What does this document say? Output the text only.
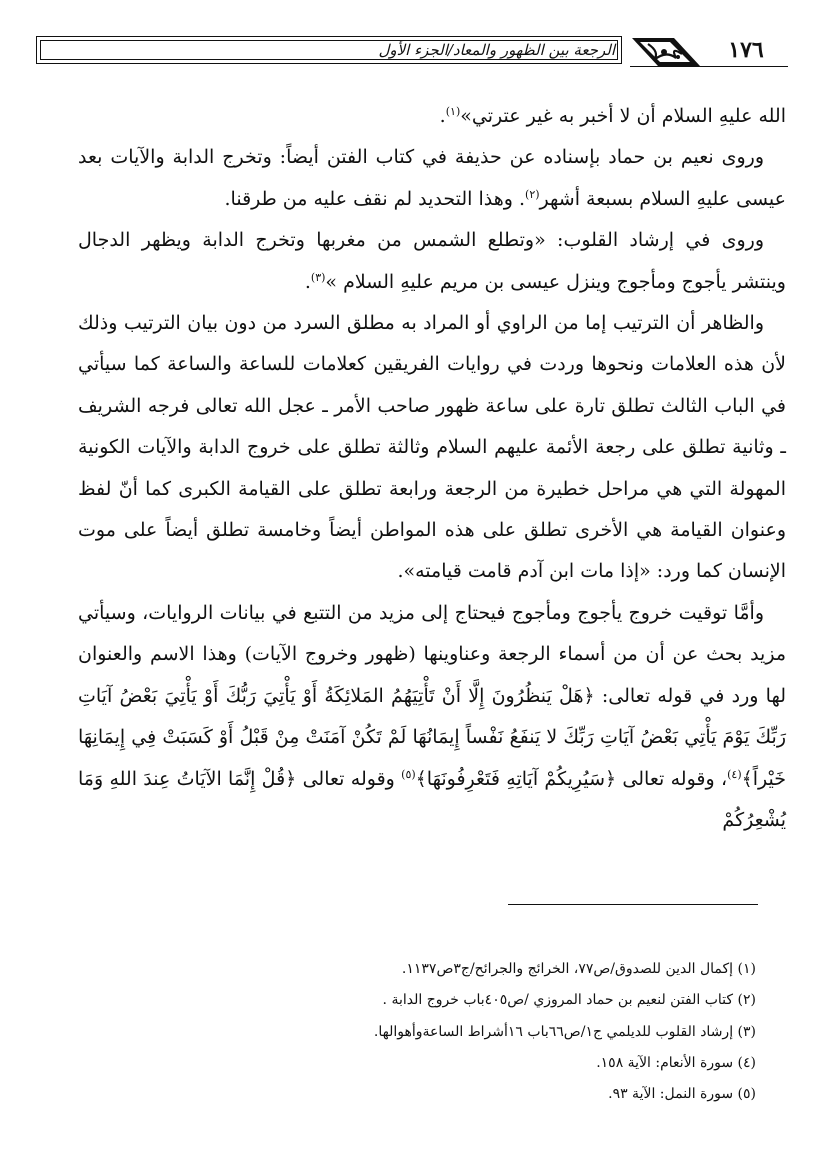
الرجعة بين الظهور والمعاد/الجزء الأول	١٧٦

الله عليهِ السلام أن لا أخبر به غير عترتي»$^{(١)}$.

وروى نعيم بن حماد بإسناده عن حذيفة في كتاب الفتن أيضاً: وتخرج الدابة والآيات بعد عيسى عليهِ السلام بسبعة أشهر$^{(٢)}$. وهذا التحديد لم نقف عليه من طرقنا.

وروى في إرشاد القلوب: «وتطلع الشمس من مغربها وتخرج الدابة ويظهر الدجال وينتشر يأجوج ومأجوج وينزل عيسى بن مريم عليهِ السلام »$^{(٣)}$.

والظاهر أن الترتيب إما من الراوي أو المراد به مطلق السرد من دون بيان الترتيب وذلك لأن هذه العلامات ونحوها وردت في روايات الفريقين كعلامات للساعة والساعة كما سيأتي في الباب الثالث تطلق تارة على ساعة ظهور صاحب الأمر ـ عجل الله تعالى فرجه الشريف ـ وثانية تطلق على رجعة الأئمة عليهم السلام وثالثة تطلق على خروج الدابة والآيات الكونية المهولة التي هي مراحل خطيرة من الرجعة ورابعة تطلق على القيامة الكبرى كما أنّ لفظ وعنوان القيامة هي الأخرى تطلق على هذه المواطن أيضاً وخامسة تطلق أيضاً على موت الإنسان كما ورد: «إذا مات ابن آدم قامت قيامته».

وأمَّا توقيت خروج يأجوج ومأجوج فيحتاج إلى مزيد من التتبع في بيانات الروايات، وسيأتي مزيد بحث عن أن من أسماء الرجعة وعناوينها (ظهور وخروج الآيات) وهذا الاسم والعنوان لها ورد في قوله تعالى: ﴿هَلْ يَنظُرُونَ إِلَّا أَنْ تَأْتِيَهُمُ المَلائِكَةُ أَوْ يَأْتِيَ رَبُّكَ أَوْ يَأْتِيَ بَعْضُ آيَاتِ رَبِّكَ يَوْمَ يَأْتِي بَعْضُ آيَاتِ رَبِّكَ لا يَنفَعُ نَفْساً إِيمَانُهَا لَمْ تَكُنْ آمَنَتْ مِنْ قَبْلُ أَوْ كَسَبَتْ فِي إِيمَانِهَا خَيْراً﴾$^{(٤)}$، وقوله تعالى ﴿سَيُرِيكُمْ آيَاتِهِ فَتَعْرِفُونَهَا﴾$^{(٥)}$ وقوله تعالى ﴿قُلْ إِنَّمَا الآيَاتُ عِندَ اللهِ وَمَا يُشْعِرُكُمْ

(١) إكمال الدين للصدوق/ص٧٧، الخرائج والجرائح/ج٣ص١١٣٧.
(٢) كتاب الفتن لنعيم بن حماد المروزي /ص٤٠٥باب خروج الدابة .
(٣) إرشاد القلوب للديلمي ج١/ص٦٦باب ١٦أشراط الساعةوأهوالها.
(٤) سورة الأنعام: الآية ١٥٨.
(٥) سورة النمل: الآية ٩٣.
